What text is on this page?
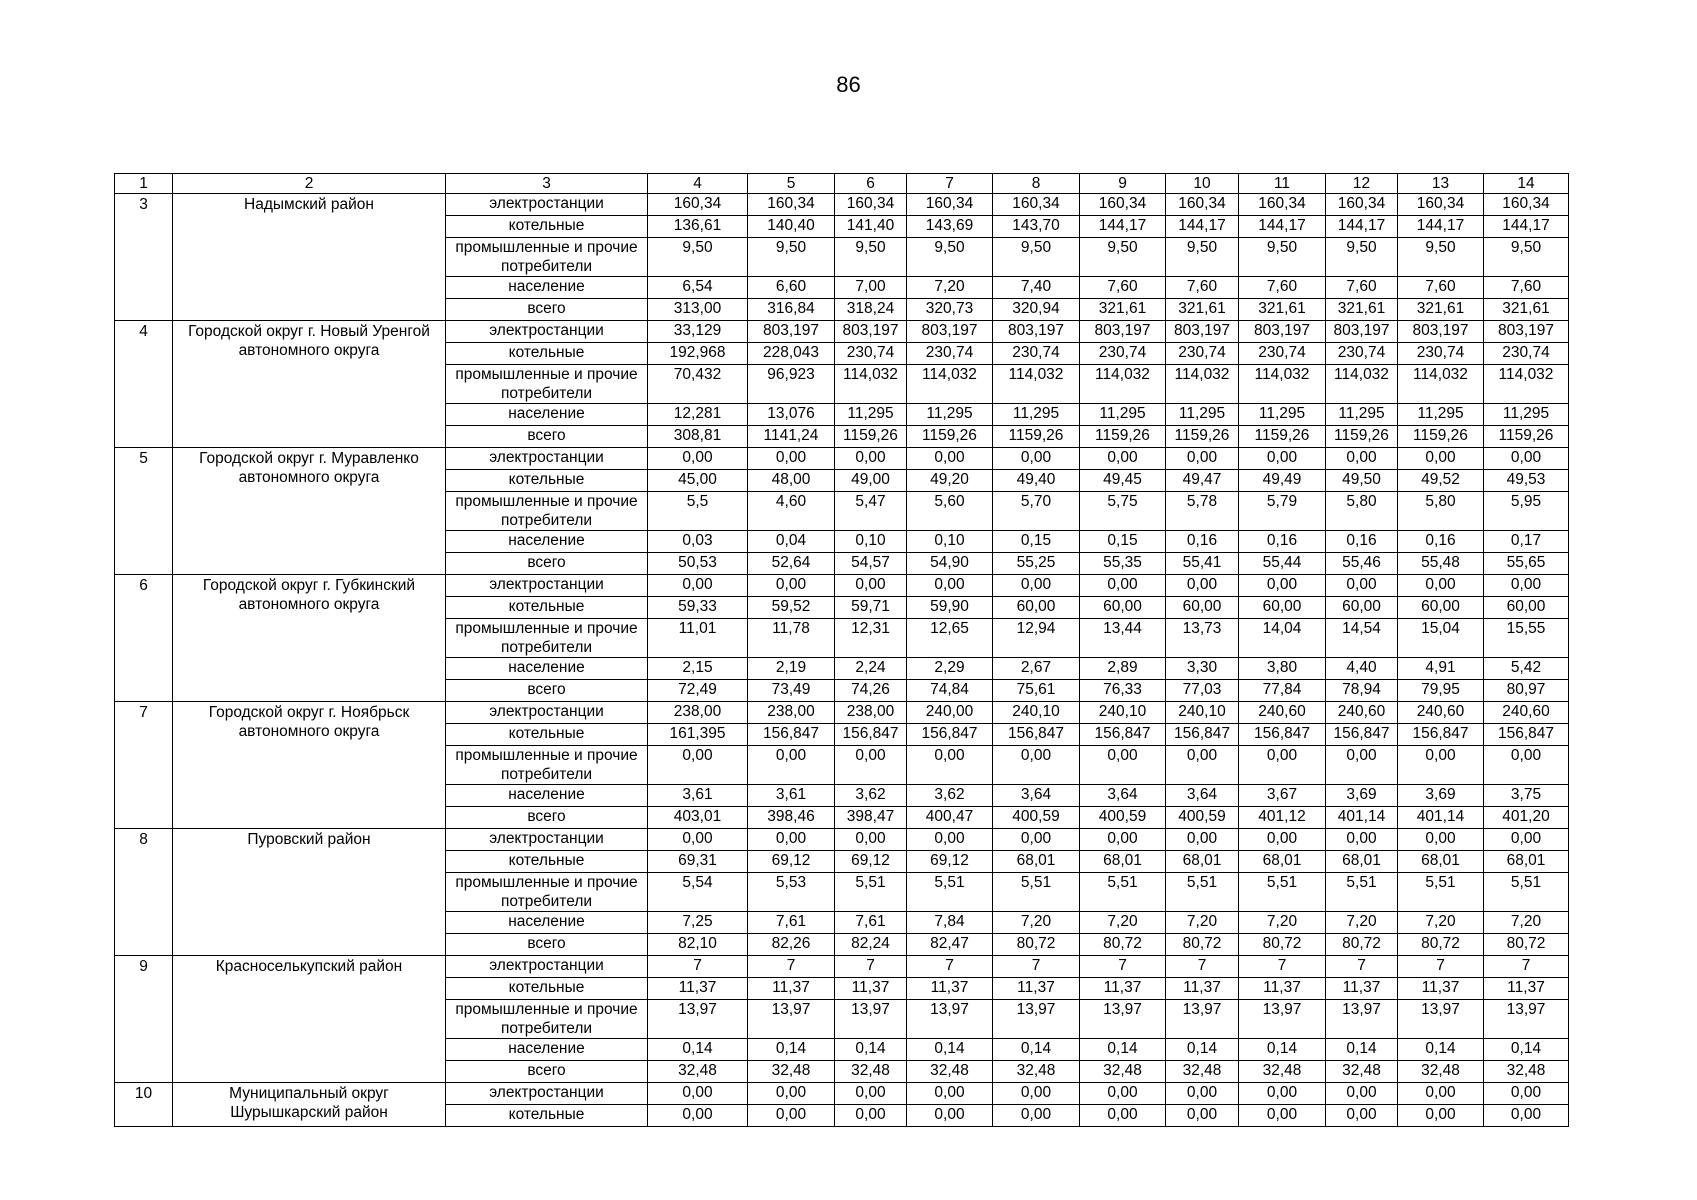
86
1	2	3	4	5	6	7	8	9	10	11	12	13	14
3	Надымский район	электростанции	160,34	160,34	160,34	160,34	160,34	160,34	160,34	160,34	160,34	160,34	160,34
		котельные	136,61	140,40	141,40	143,69	143,70	144,17	144,17	144,17	144,17	144,17	144,17
		промышленные и прочие потребители	9,50	9,50	9,50	9,50	9,50	9,50	9,50	9,50	9,50	9,50	9,50
		население	6,54	6,60	7,00	7,20	7,40	7,60	7,60	7,60	7,60	7,60	7,60
		всего	313,00	316,84	318,24	320,73	320,94	321,61	321,61	321,61	321,61	321,61	321,61
4	Городской округ г. Новый Уренгой автономного округа	электростанции	33,129	803,197	803,197	803,197	803,197	803,197	803,197	803,197	803,197	803,197	803,197
		котельные	192,968	228,043	230,74	230,74	230,74	230,74	230,74	230,74	230,74	230,74	230,74
		промышленные и прочие потребители	70,432	96,923	114,032	114,032	114,032	114,032	114,032	114,032	114,032	114,032	114,032
		население	12,281	13,076	11,295	11,295	11,295	11,295	11,295	11,295	11,295	11,295	11,295
		всего	308,81	1141,24	1159,26	1159,26	1159,26	1159,26	1159,26	1159,26	1159,26	1159,26	1159,26
5	Городской округ г. Муравленко автономного округа	электростанции	0,00	0,00	0,00	0,00	0,00	0,00	0,00	0,00	0,00	0,00	0,00
		котельные	45,00	48,00	49,00	49,20	49,40	49,45	49,47	49,49	49,50	49,52	49,53
		промышленные и прочие потребители	5,5	4,60	5,47	5,60	5,70	5,75	5,78	5,79	5,80	5,80	5,95
		население	0,03	0,04	0,10	0,10	0,15	0,15	0,16	0,16	0,16	0,16	0,17
		всего	50,53	52,64	54,57	54,90	55,25	55,35	55,41	55,44	55,46	55,48	55,65
6	Городской округ г. Губкинский автономного округа	электростанции	0,00	0,00	0,00	0,00	0,00	0,00	0,00	0,00	0,00	0,00	0,00
		котельные	59,33	59,52	59,71	59,90	60,00	60,00	60,00	60,00	60,00	60,00	60,00
		промышленные и прочие потребители	11,01	11,78	12,31	12,65	12,94	13,44	13,73	14,04	14,54	15,04	15,55
		население	2,15	2,19	2,24	2,29	2,67	2,89	3,30	3,80	4,40	4,91	5,42
		всего	72,49	73,49	74,26	74,84	75,61	76,33	77,03	77,84	78,94	79,95	80,97
7	Городской округ г. Ноябрьск автономного округа	электростанции	238,00	238,00	238,00	240,00	240,10	240,10	240,10	240,60	240,60	240,60	240,60
		котельные	161,395	156,847	156,847	156,847	156,847	156,847	156,847	156,847	156,847	156,847	156,847
		промышленные и прочие потребители	0,00	0,00	0,00	0,00	0,00	0,00	0,00	0,00	0,00	0,00	0,00
		население	3,61	3,61	3,62	3,62	3,64	3,64	3,64	3,67	3,69	3,69	3,75
		всего	403,01	398,46	398,47	400,47	400,59	400,59	400,59	401,12	401,14	401,14	401,20
8	Пуровский район	электростанции	0,00	0,00	0,00	0,00	0,00	0,00	0,00	0,00	0,00	0,00	0,00
		котельные	69,31	69,12	69,12	69,12	68,01	68,01	68,01	68,01	68,01	68,01	68,01
		промышленные и прочие потребители	5,54	5,53	5,51	5,51	5,51	5,51	5,51	5,51	5,51	5,51	5,51
		население	7,25	7,61	7,61	7,84	7,20	7,20	7,20	7,20	7,20	7,20	7,20
		всего	82,10	82,26	82,24	82,47	80,72	80,72	80,72	80,72	80,72	80,72	80,72
9	Красноселькупский район	электростанции	7	7	7	7	7	7	7	7	7	7	7
		котельные	11,37	11,37	11,37	11,37	11,37	11,37	11,37	11,37	11,37	11,37	11,37
		промышленные и прочие потребители	13,97	13,97	13,97	13,97	13,97	13,97	13,97	13,97	13,97	13,97	13,97
		население	0,14	0,14	0,14	0,14	0,14	0,14	0,14	0,14	0,14	0,14	0,14
		всего	32,48	32,48	32,48	32,48	32,48	32,48	32,48	32,48	32,48	32,48	32,48
10	Муниципальный округ Шурышкарский район	электростанции	0,00	0,00	0,00	0,00	0,00	0,00	0,00	0,00	0,00	0,00	0,00
		котельные	0,00	0,00	0,00	0,00	0,00	0,00	0,00	0,00	0,00	0,00	0,00
